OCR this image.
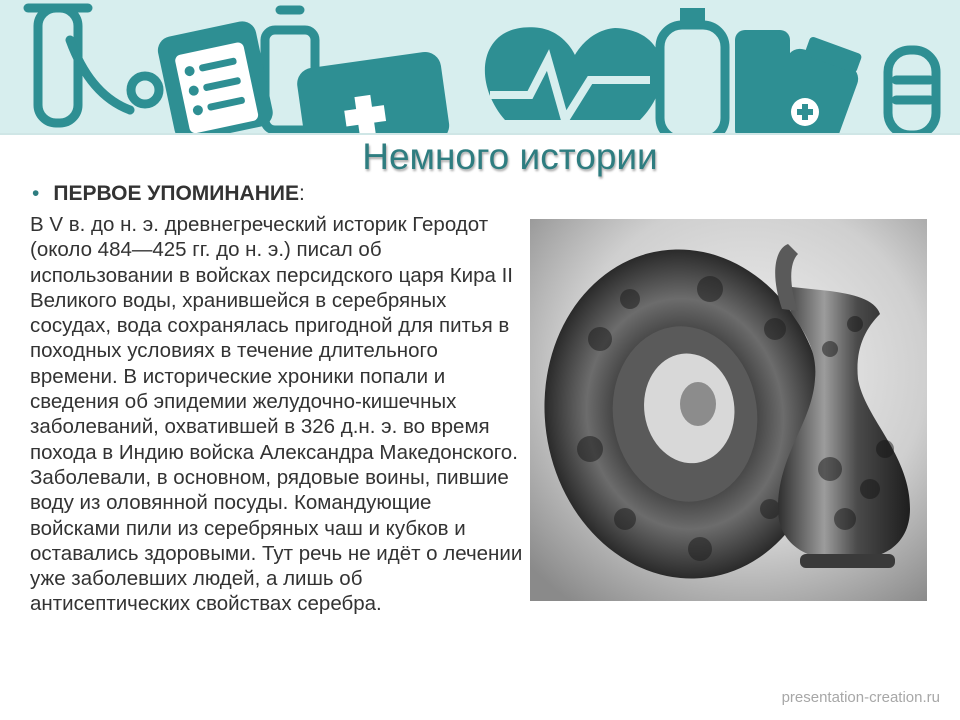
Немного истории
• ПЕРВОЕ УПОМИНАНИЕ:

В V в. до н. э. древнегреческий историк Геродот (около 484—425 гг. до н. э.) писал об использовании в войсках персидского царя Кира II Великого воды, хранившейся в серебряных сосудах, вода сохранялась пригодной для питья в походных условиях в течение длительного времени. В исторические хроники попали и сведения об эпидемии желудочно-кишечных заболеваний, охватившей в 326 д.н. э. во время похода в Индию войска Александра Македонского. Заболевали, в основном, рядовые воины, пившие воду из оловянной посуды. Командующие войсками пили из серебряных чаш и кубков и оставались здоровыми. Тут речь не идёт о лечении уже заболевших людей, а лишь об антисептических свойствах серебра.

presentation-creation.ru
